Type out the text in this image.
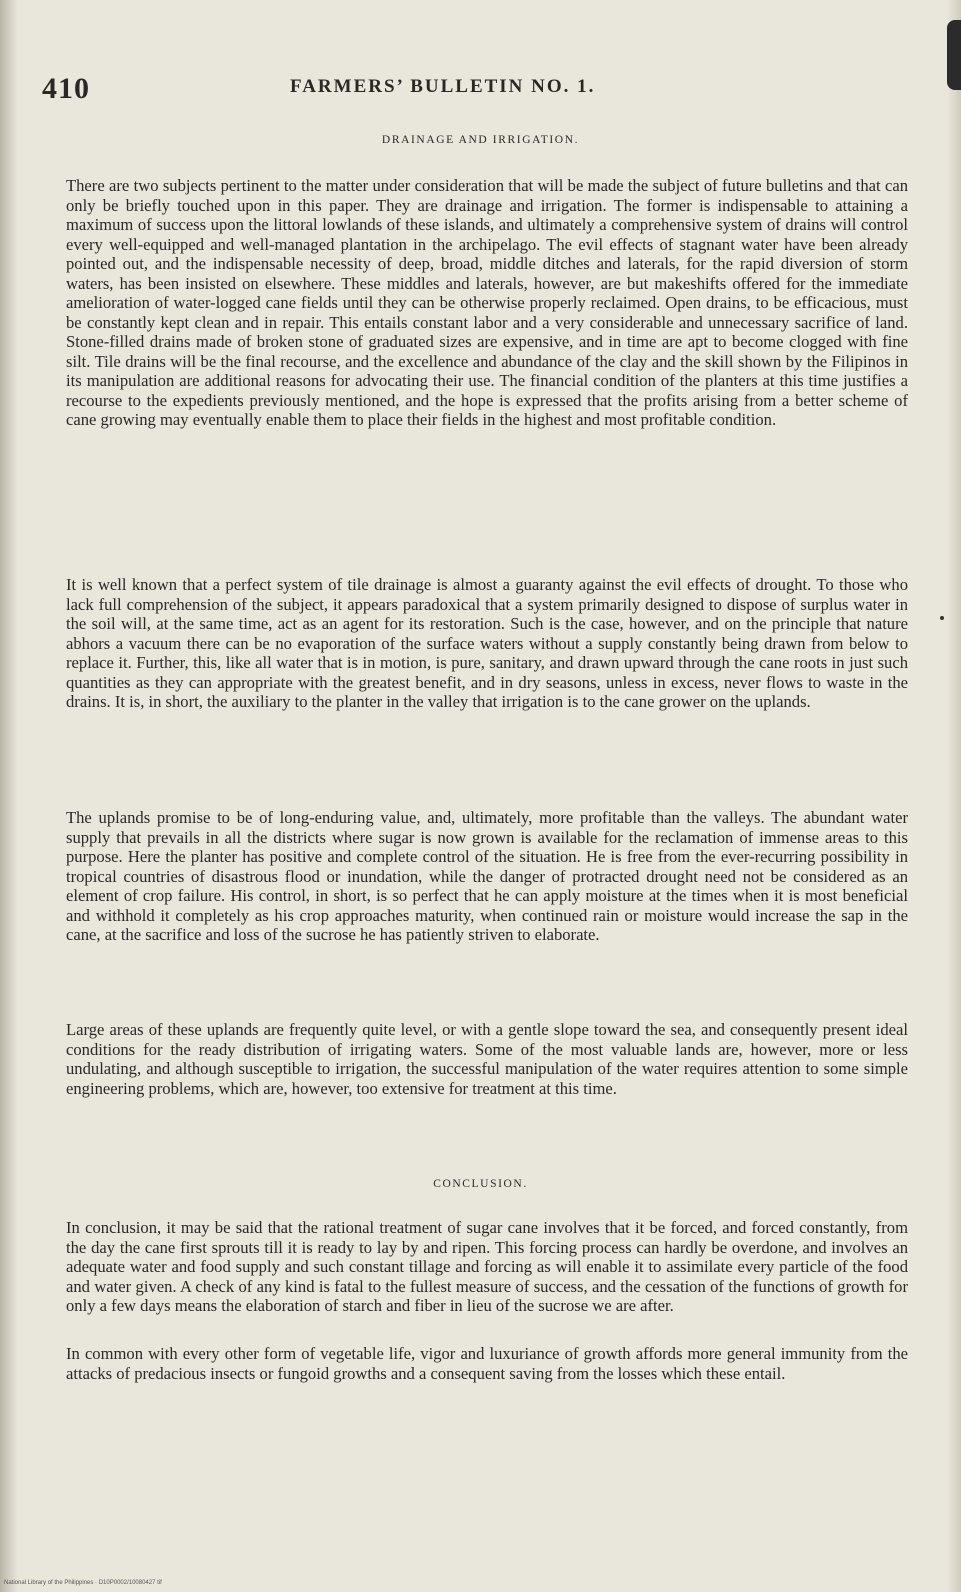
410	FARMERS’ BULLETIN NO. 1.
DRAINAGE AND IRRIGATION.

There are two subjects pertinent to the matter under consideration that will be made the subject of future bulletins and that can only be briefly touched upon in this paper. They are drainage and irrigation. The former is indispensable to attaining a maximum of success upon the littoral lowlands of these islands, and ultimately a comprehensive system of drains will control every well-equipped and well-managed plantation in the archipelago. The evil effects of stagnant water have been already pointed out, and the indispensable necessity of deep, broad, middle ditches and laterals, for the rapid diversion of storm waters, has been insisted on elsewhere. These middles and laterals, however, are but makeshifts offered for the immediate amelioration of water-logged cane fields until they can be otherwise properly reclaimed. Open drains, to be efficacious, must be constantly kept clean and in repair. This entails constant labor and a very considerable and unnecessary sacrifice of land. Stone-filled drains made of broken stone of graduated sizes are expensive, and in time are apt to become clogged with fine silt. Tile drains will be the final recourse, and the excellence and abundance of the clay and the skill shown by the Filipinos in its manipulation are additional reasons for advocating their use. The financial condition of the planters at this time justifies a recourse to the expedients previously mentioned, and the hope is expressed that the profits arising from a better scheme of cane growing may eventually enable them to place their fields in the highest and most profitable condition.

It is well known that a perfect system of tile drainage is almost a guaranty against the evil effects of drought. To those who lack full comprehension of the subject, it appears paradoxical that a system primarily designed to dispose of surplus water in the soil will, at the same time, act as an agent for its restoration. Such is the case, however, and on the principle that nature abhors a vacuum there can be no evaporation of the surface waters without a supply constantly being drawn from below to replace it. Further, this, like all water that is in motion, is pure, sanitary, and drawn upward through the cane roots in just such quantities as they can appropriate with the greatest benefit, and in dry seasons, unless in excess, never flows to waste in the drains. It is, in short, the auxiliary to the planter in the valley that irrigation is to the cane grower on the uplands.

The uplands promise to be of long-enduring value, and, ultimately, more profitable than the valleys. The abundant water supply that prevails in all the districts where sugar is now grown is available for the reclamation of immense areas to this purpose. Here the planter has positive and complete control of the situation. He is free from the ever-recurring possibility in tropical countries of disastrous flood or inundation, while the danger of protracted drought need not be considered as an element of crop failure. His control, in short, is so perfect that he can apply moisture at the times when it is most beneficial and withhold it completely as his crop approaches maturity, when continued rain or moisture would increase the sap in the cane, at the sacrifice and loss of the sucrose he has patiently striven to elaborate.

Large areas of these uplands are frequently quite level, or with a gentle slope toward the sea, and consequently present ideal conditions for the ready distribution of irrigating waters. Some of the most valuable lands are, however, more or less undulating, and although susceptible to irrigation, the successful manipulation of the water requires attention to some simple engineering problems, which are, however, too extensive for treatment at this time.

CONCLUSION.

In conclusion, it may be said that the rational treatment of sugar cane involves that it be forced, and forced constantly, from the day the cane first sprouts till it is ready to lay by and ripen. This forcing process can hardly be overdone, and involves an adequate water and food supply and such constant tillage and forcing as will enable it to assimilate every particle of the food and water given. A check of any kind is fatal to the fullest measure of success, and the cessation of the functions of growth for only a few days means the elaboration of starch and fiber in lieu of the sucrose we are after.

In common with every other form of vegetable life, vigor and luxuriance of growth affords more general immunity from the attacks of predacious insects or fungoid growths and a consequent saving from the losses which these entail.

National Library of the Philippines · D10P0002/10080427 tif
